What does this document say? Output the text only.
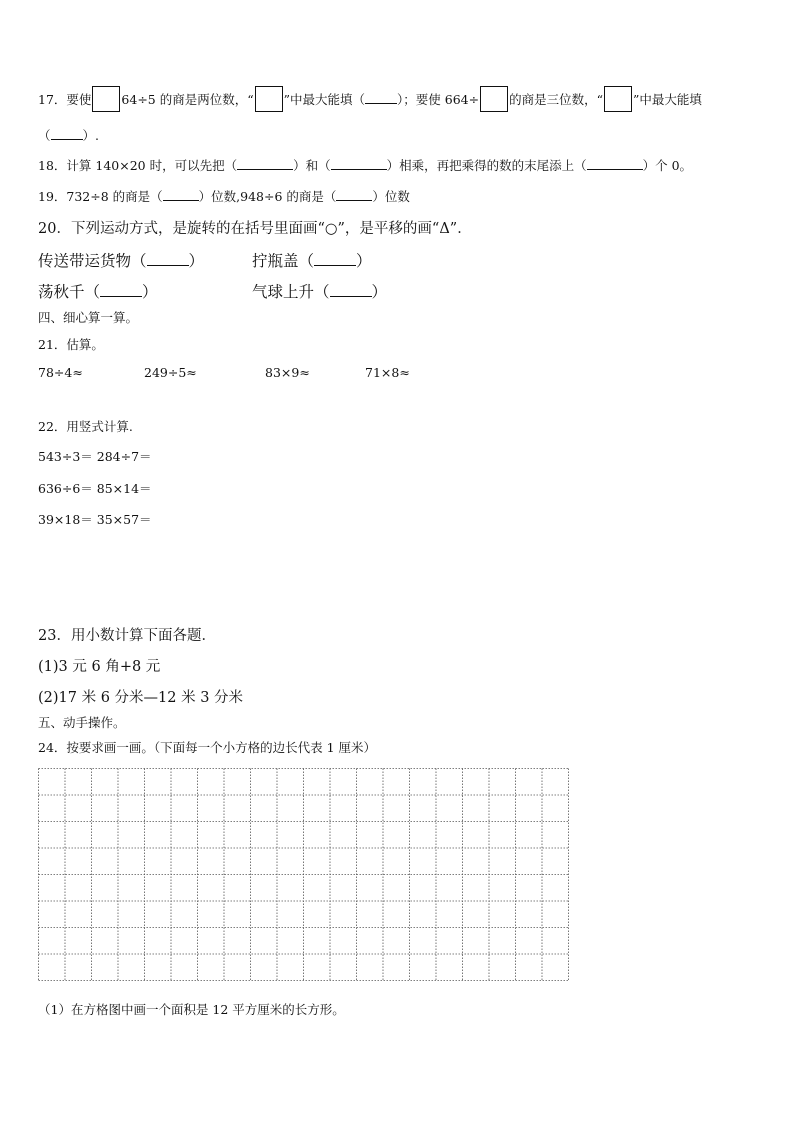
17．要使 64÷5 的商是两位数，“ ”中最大能填（	）；要使 664÷ 的商是三位数，“ ”中最大能填
（	）.
18．计算 140×20 时，可以先把（	）和（	）相乘，再把乘得的数的末尾添上（	）个 0。
19．732÷8 的商是（	）位数,948÷6 的商是（	）位数
20．下列运动方式，是旋转的在括号里面画“○”，是平移的画“Δ”．
传送带运货物（	）	拧瓶盖（	）
荡秋千（	）	气球上升（	）
四、细心算一算。
21．估算。
78÷4≈	249÷5≈	83×9≈	71×8≈
22．用竖式计算.
543÷3＝ 284÷7＝
636÷6＝ 85×14＝
39×18＝ 35×57＝
23．用小数计算下面各题．
(1)3 元 6 角+8 元
(2)17 米 6 分米—12 米 3 分米
五、动手操作。
24．按要求画一画。（下面每一个小方格的边长代表 1 厘米）
（1）在方格图中画一个面积是 12 平方厘米的长方形。
